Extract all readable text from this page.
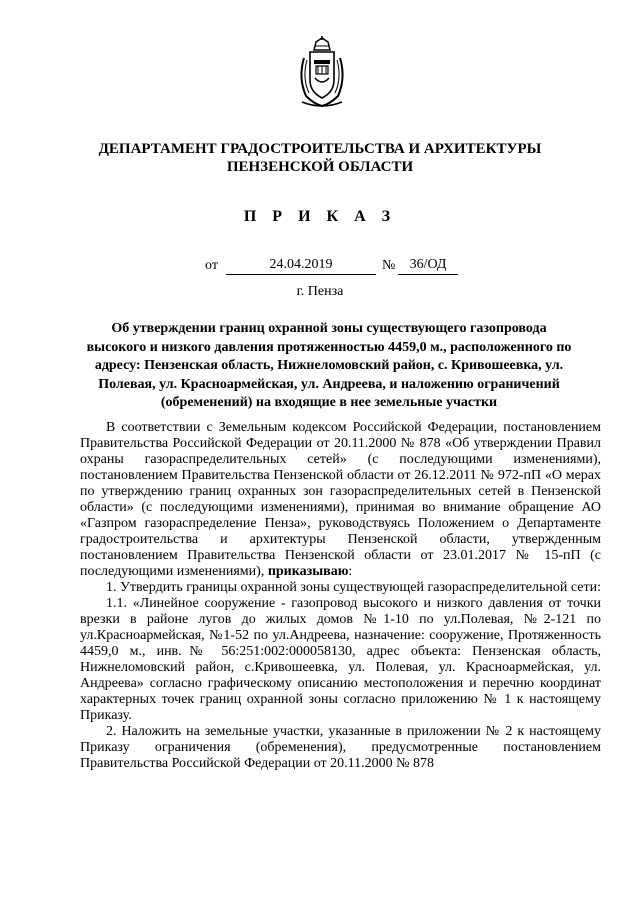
ДЕПАРТАМЕНТ ГРАДОСТРОИТЕЛЬСТВА И АРХИТЕКТУРЫ
ПЕНЗЕНСКОЙ ОБЛАСТИ
П Р И К А З
от	24.04.2019	№	36/ОД
г. Пенза
Об утверждении границ охранной зоны существующего газопровода высокого и низкого давления протяженностью 4459,0 м., расположенного по адресу: Пензенская область, Нижнеломовский район, с. Кривошеевка, ул. Полевая, ул. Красноармейская, ул. Андреева, и наложению ограничений (обременений) на входящие в нее земельные участки

В соответствии с Земельным кодексом Российской Федерации, постановлением Правительства Российской Федерации от 20.11.2000 № 878 «Об утверждении Правил охраны газораспределительных сетей» (с последующими изменениями), постановлением Правительства Пензенской области от 26.12.2011 № 972-пП «О мерах по утверждению границ охранных зон газораспределительных сетей в Пензенской области» (с последующими изменениями), принимая во внимание обращение АО «Газпром газораспределение Пенза», руководствуясь Положением о Департаменте градостроительства и архитектуры Пензенской области, утвержденным постановлением Правительства Пензенской области от 23.01.2017 № 15-пП (с последующими изменениями), приказываю:

1. Утвердить границы охранной зоны существующей газораспределительной сети:

1.1. «Линейное сооружение - газопровод высокого и низкого давления от точки врезки в районе лугов до жилых домов №1-10 по ул.Полевая, №2-121 по ул.Красноармейская, №1-52 по ул.Андреева, назначение: сооружение, Протяженность 4459,0 м., инв.№ 56:251:002:000058130, адрес объекта: Пензенская область, Нижнеломовский район, с.Кривошеевка, ул. Полевая, ул. Красноармейская, ул. Андреева» согласно графическому описанию местоположения и перечню координат характерных точек границ охранной зоны согласно приложению № 1 к настоящему Приказу.

2. Наложить на земельные участки, указанные в приложении № 2 к настоящему Приказу ограничения (обременения), предусмотренные постановлением Правительства Российской Федерации от 20.11.2000 № 878
